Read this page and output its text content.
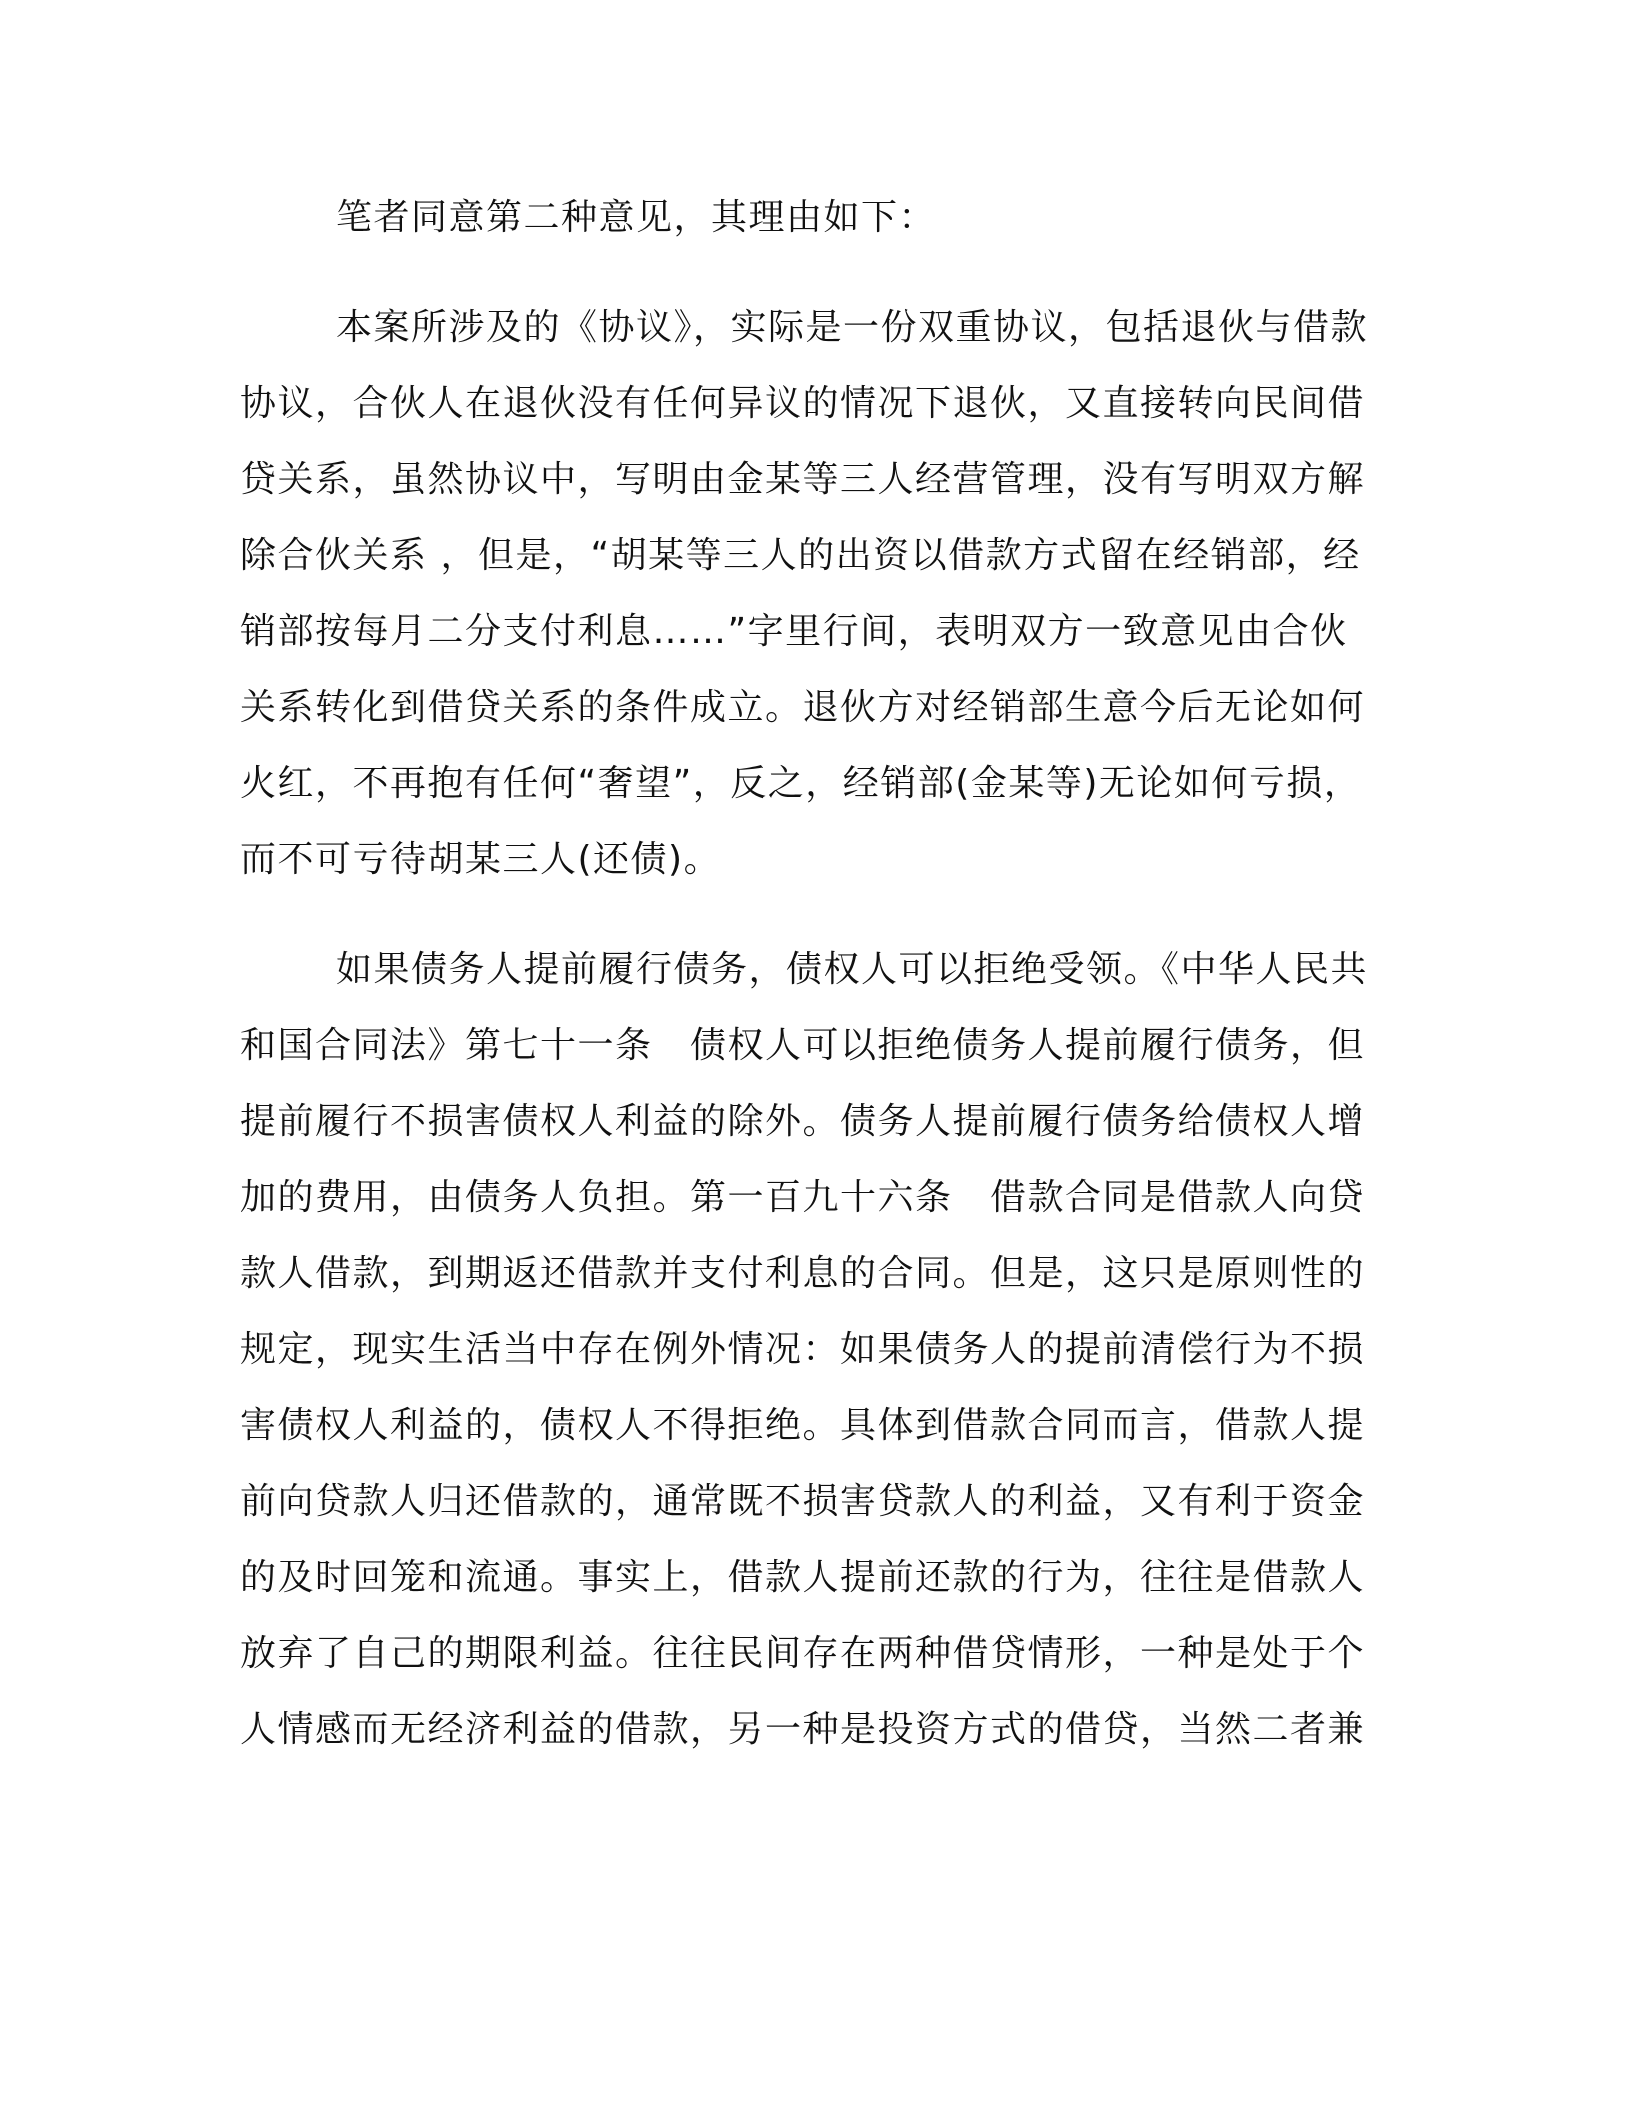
笔者同意第二种意见，其理由如下：

本案所涉及的《协议》，实际是一份双重协议，包括退伙与借款
协议，合伙人在退伙没有任何异议的情况下退伙，又直接转向民间借
贷关系，虽然协议中，写明由金某等三人经营管理，没有写明双方解
除合伙关系 ，但是，“胡某等三人的出资以借款方式留在经销部，经
销部按每月二分支付利息……”字里行间，表明双方一致意见由合伙
关系转化到借贷关系的条件成立。退伙方对经销部生意今后无论如何
火红，不再抱有任何“奢望”，反之，经销部(金某等)无论如何亏损，
而不可亏待胡某三人(还债)。

如果债务人提前履行债务，债权人可以拒绝受领。《中华人民共
和国合同法》第七十一条　债权人可以拒绝债务人提前履行债务，但
提前履行不损害债权人利益的除外。债务人提前履行债务给债权人增
加的费用，由债务人负担。第一百九十六条　借款合同是借款人向贷
款人借款，到期返还借款并支付利息的合同。但是，这只是原则性的
规定，现实生活当中存在例外情况：如果债务人的提前清偿行为不损
害债权人利益的，债权人不得拒绝。具体到借款合同而言，借款人提
前向贷款人归还借款的，通常既不损害贷款人的利益，又有利于资金
的及时回笼和流通。事实上，借款人提前还款的行为，往往是借款人
放弃了自己的期限利益。往往民间存在两种借贷情形，一种是处于个
人情感而无经济利益的借款，另一种是投资方式的借贷，当然二者兼
